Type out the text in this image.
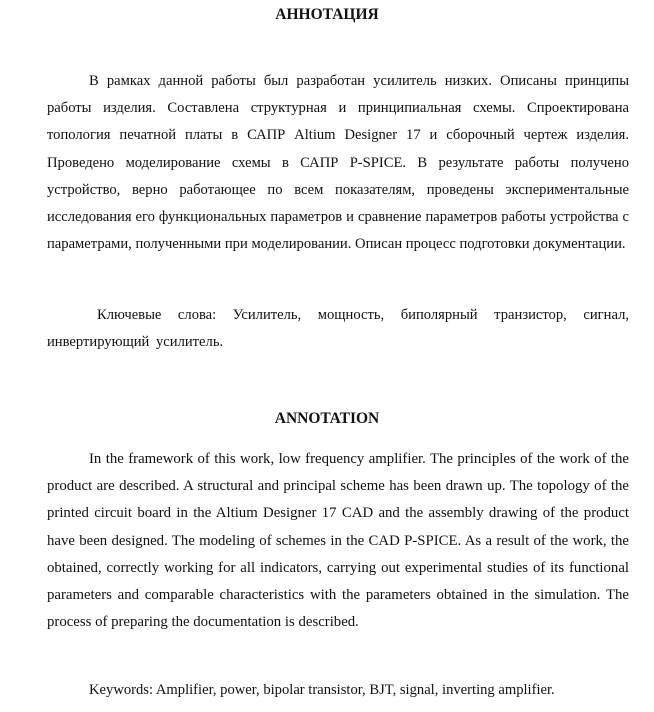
АННОТАЦИЯ

В рамках данной работы был разработан усилитель низких. Описаны принципы работы изделия. Составлена структурная и принципиальная схемы. Спроектирована топология печатной платы в САПР Altium Designer 17 и сборочный чертеж изделия. Проведено моделирование схемы в САПР P-SPICE. В результате работы получено устройство, верно работающее по всем показателям, проведены экспериментальные исследования его функциональных параметров и сравнение параметров работы устройства с параметрами, полученными при моделировании. Описан процесс подготовки документации.

Ключевые слова: Усилитель, мощность, биполярный транзистор, сигнал, инвертирующий усилитель.

ANNOTATION

In the framework of this work, low frequency amplifier. The principles of the work of the product are described. A structural and principal scheme has been drawn up. The topology of the printed circuit board in the Altium Designer 17 CAD and the assembly drawing of the product have been designed. The modeling of schemes in the CAD P-SPICE. As a result of the work, the obtained, correctly working for all indicators, carrying out experimental studies of its functional parameters and comparable characteristics with the parameters obtained in the simulation. The process of preparing the documentation is described.

Keywords: Amplifier, power, bipolar transistor, BJT, signal, inverting amplifier.
